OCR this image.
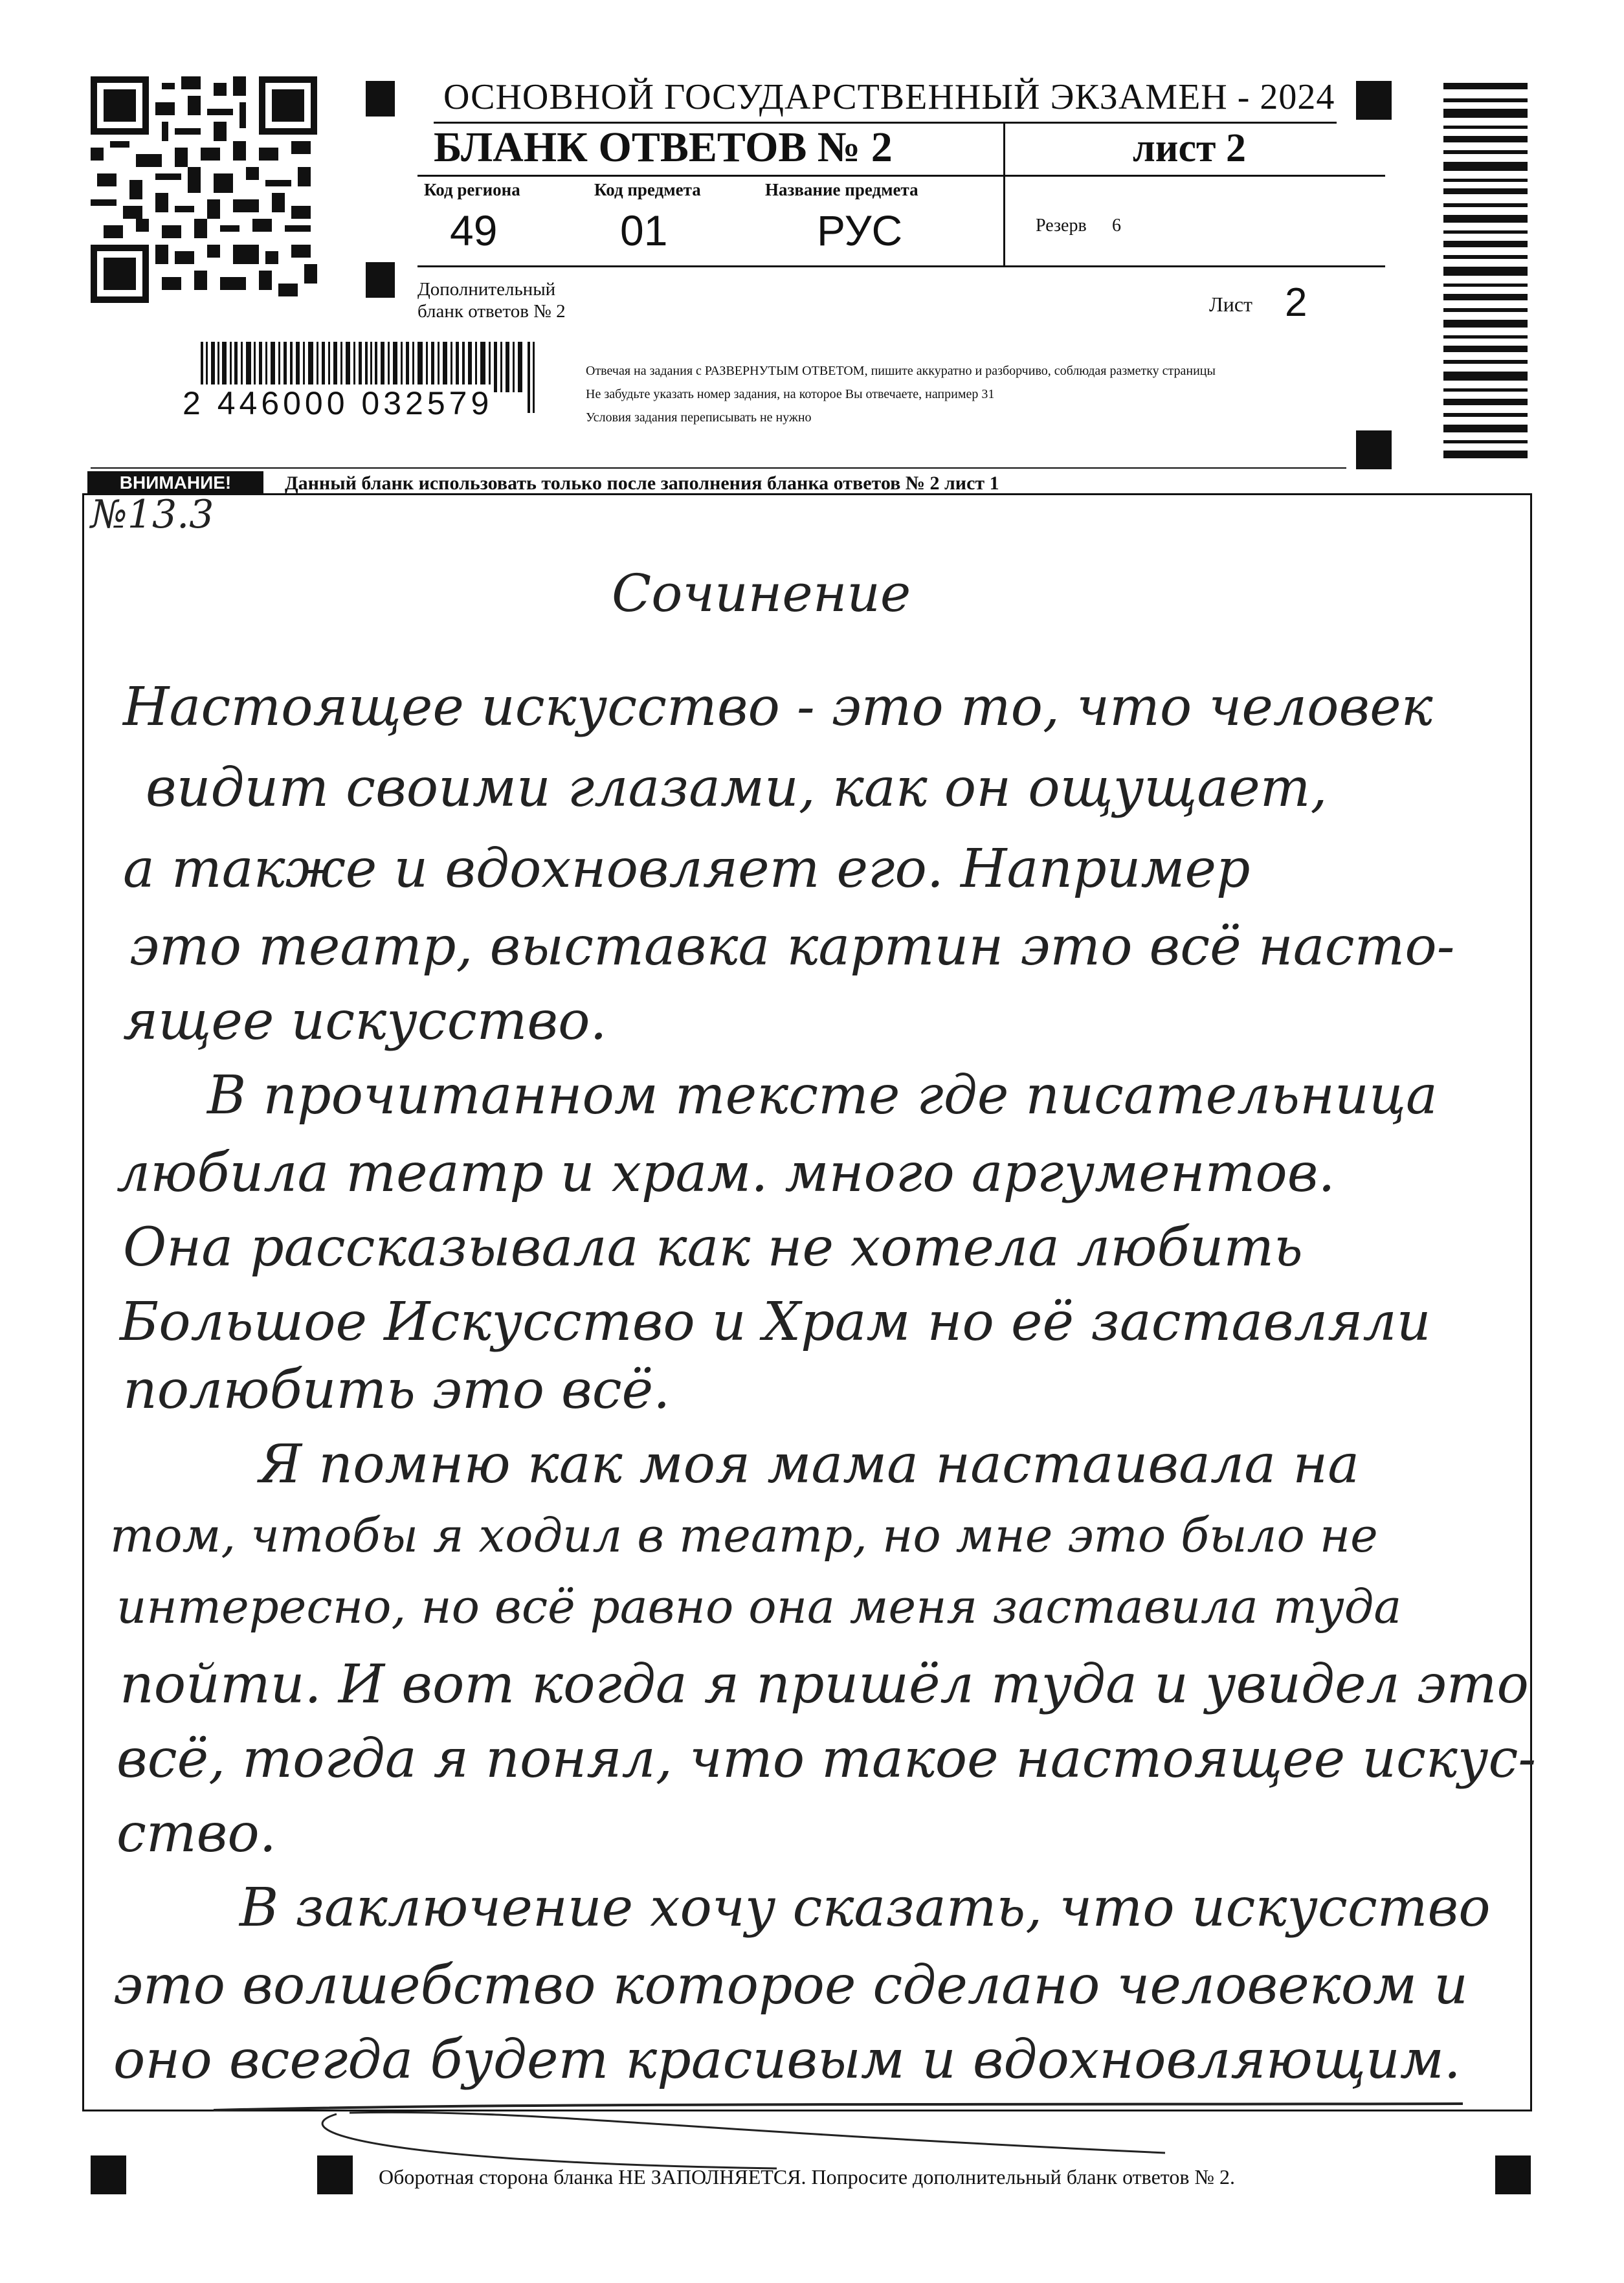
ОСНОВНОЙ ГОСУДАРСТВЕННЫЙ ЭКЗАМЕН - 2024
БЛАНК ОТВЕТОВ № 2	лист 2
Код региона
49
Код предмета
01
Название предмета
РУС	Резерв 6
Дополнительный
бланк ответов № 2	Лист 2
2 446000 032579
Отвечая на задания с РАЗВЕРНУТЫМ ОТВЕТОМ, пишите аккуратно и разборчиво, соблюдая разметку страницы
Не забудьте указать номер задания, на которое Вы отвечаете, например 31
Условия задания переписывать не нужно
ВНИМАНИЕ!	Данный бланк использовать только после заполнения бланка ответов № 2 лист 1
№13.3
Сочинение
Настоящее искусство - это то, что человек
видит своими глазами, как он ощущает,
а также и вдохновляет его. Например
это театр, выставка картин это всё насто-
ящее искусство.
В прочитанном тексте где писательница
любила театр и храм. много аргументов.
Она рассказывала как не хотела любить
Большое Искусство и Храм но её заставляли
полюбить это всё.
Я помню как моя мама настаивала на
том, чтобы я ходил в театр, но мне это было не
интересно, но всё равно она меня заставила туда
пойти. И вот когда я пришёл туда и увидел это
всё, тогда я понял, что такое настоящее искус-
ство.
В заключение хочу сказать, что искусство
это волшебство которое сделано человеком и
оно всегда будет красивым и вдохновляющим.
Оборотная сторона бланка НЕ ЗАПОЛНЯЕТСЯ. Попросите дополнительный бланк ответов № 2.
